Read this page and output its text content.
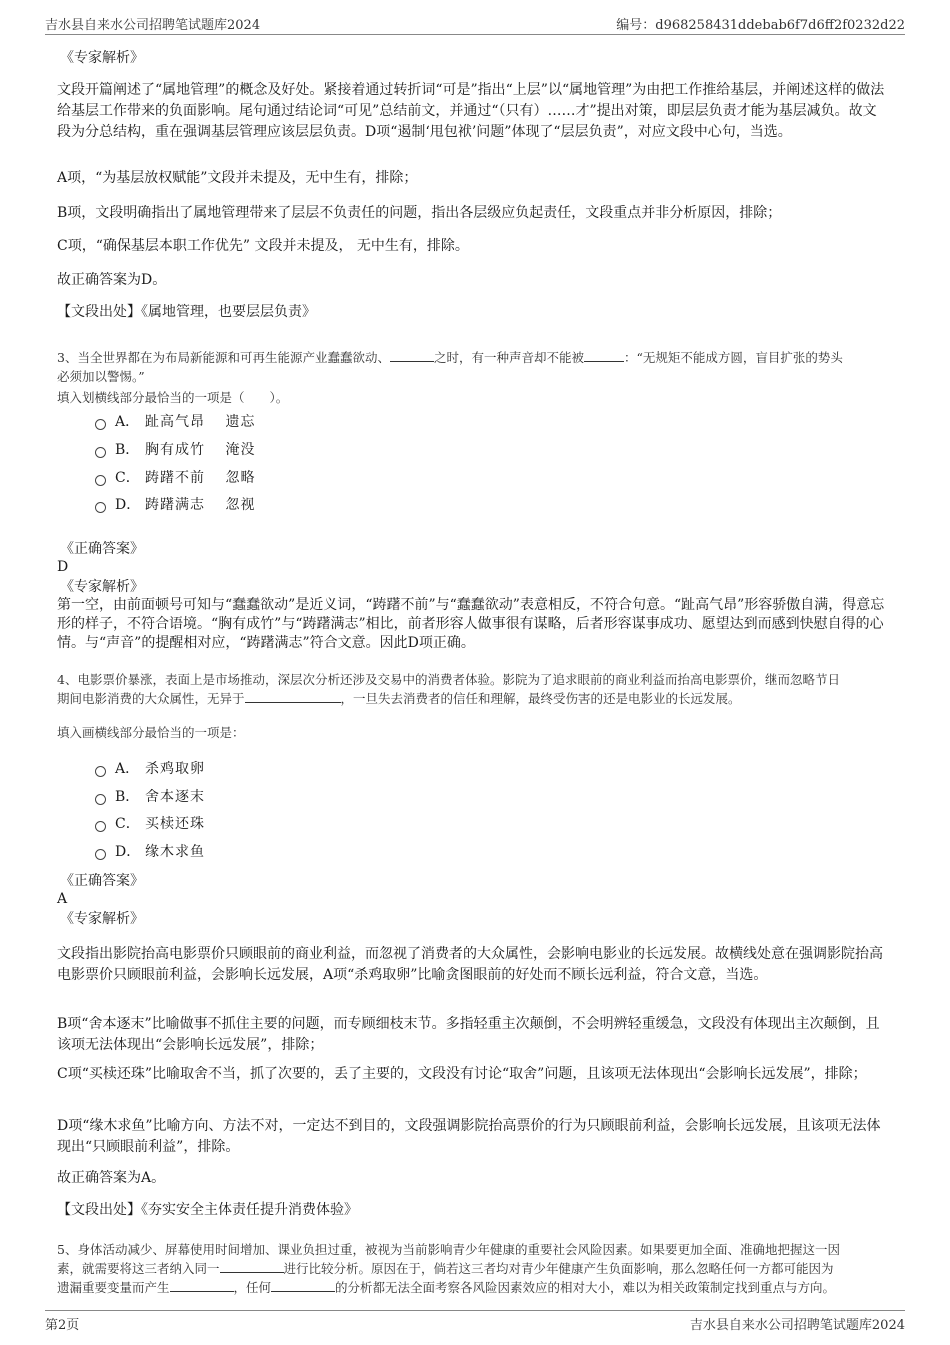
吉水县自来水公司招聘笔试题库2024	编号：d968258431ddebab6f7d6ff2f0232d22
《专家解析》
文段开篇阐述了“属地管理”的概念及好处。紧接着通过转折词“可是”指出“上层”以“属地管理”为由把工作推给基层，并阐述这样的做法给基层工作带来的负面影响。尾句通过结论词“可见”总结前文，并通过“（只有）……才”提出对策，即层层负责才能为基层减负。故文段为分总结构，重在强调基层管理应该层层负责。D项“遏制‘甩包袱’问题”体现了“层层负责”，对应文段中心句，当选。
A项，“为基层放权赋能”文段并未提及，无中生有，排除；
B项，文段明确指出了属地管理带来了层层不负责任的问题，指出各层级应负起责任，文段重点并非分析原因，排除；
C项，“确保基层本职工作优先” 文段并未提及， 无中生有，排除。
故正确答案为D。
【文段出处】《属地管理，也要层层负责》
3、当全世界都在为布局新能源和可再生能源产业蠢蠢欲动、	之时，有一种声音却不能被	：“无规矩不能成方圆，盲目扩张的势头
必须加以警惕。”
填入划横线部分最恰当的一项是（　　）。
A． 趾高气昂　 遗忘
B． 胸有成竹　 淹没
C． 踌躇不前　 忽略
D． 踌躇满志　 忽视
《正确答案》
D
《专家解析》
第一空，由前面顿号可知与“蠢蠢欲动”是近义词，“踌躇不前”与“蠢蠢欲动”表意相反，不符合句意。“趾高气昂”形容骄傲自满，得意忘形的样子，不符合语境。“胸有成竹”与“踌躇满志”相比，前者形容人做事很有谋略，后者形容谋事成功、愿望达到而感到快慰自得的心情。与“声音”的提醒相对应，“踌躇满志”符合文意。因此D项正确。
4、电影票价暴涨，表面上是市场推动，深层次分析还涉及交易中的消费者体验。影院为了追求眼前的商业利益而抬高电影票价，继而忽略节日
期间电影消费的大众属性，无异于	，一旦失去消费者的信任和理解，最终受伤害的还是电影业的长远发展。
填入画横线部分最恰当的一项是：
A． 杀鸡取卵
B． 舍本逐末
C． 买椟还珠
D． 缘木求鱼
《正确答案》
A
《专家解析》
文段指出影院抬高电影票价只顾眼前的商业利益，而忽视了消费者的大众属性，会影响电影业的长远发展。故横线处意在强调影院抬高电影票价只顾眼前利益，会影响长远发展，A项“杀鸡取卵”比喻贪图眼前的好处而不顾长远利益，符合文意，当选。
B项“舍本逐末”比喻做事不抓住主要的问题，而专顾细枝末节。多指轻重主次颠倒，不会明辨轻重缓急，文段没有体现出主次颠倒，且该项无法体现出“会影响长远发展”，排除；
C项“买椟还珠”比喻取舍不当，抓了次要的，丢了主要的，文段没有讨论“取舍”问题，且该项无法体现出“会影响长远发展”，排除；
D项“缘木求鱼”比喻方向、方法不对，一定达不到目的，文段强调影院抬高票价的行为只顾眼前利益，会影响长远发展，且该项无法体现出“只顾眼前利益”，排除。
故正确答案为A。
【文段出处】《夯实安全主体责任提升消费体验》
5、身体活动减少、屏幕使用时间增加、课业负担过重，被视为当前影响青少年健康的重要社会风险因素。如果要更加全面、准确地把握这一因
素，就需要将这三者纳入同一	进行比较分析。原因在于，倘若这三者均对青少年健康产生负面影响，那么忽略任何一方都可能因为
遗漏重要变量而产生	，任何	的分析都无法全面考察各风险因素效应的相对大小，难以为相关政策制定找到重点与方向。
第2页	吉水县自来水公司招聘笔试题库2024
